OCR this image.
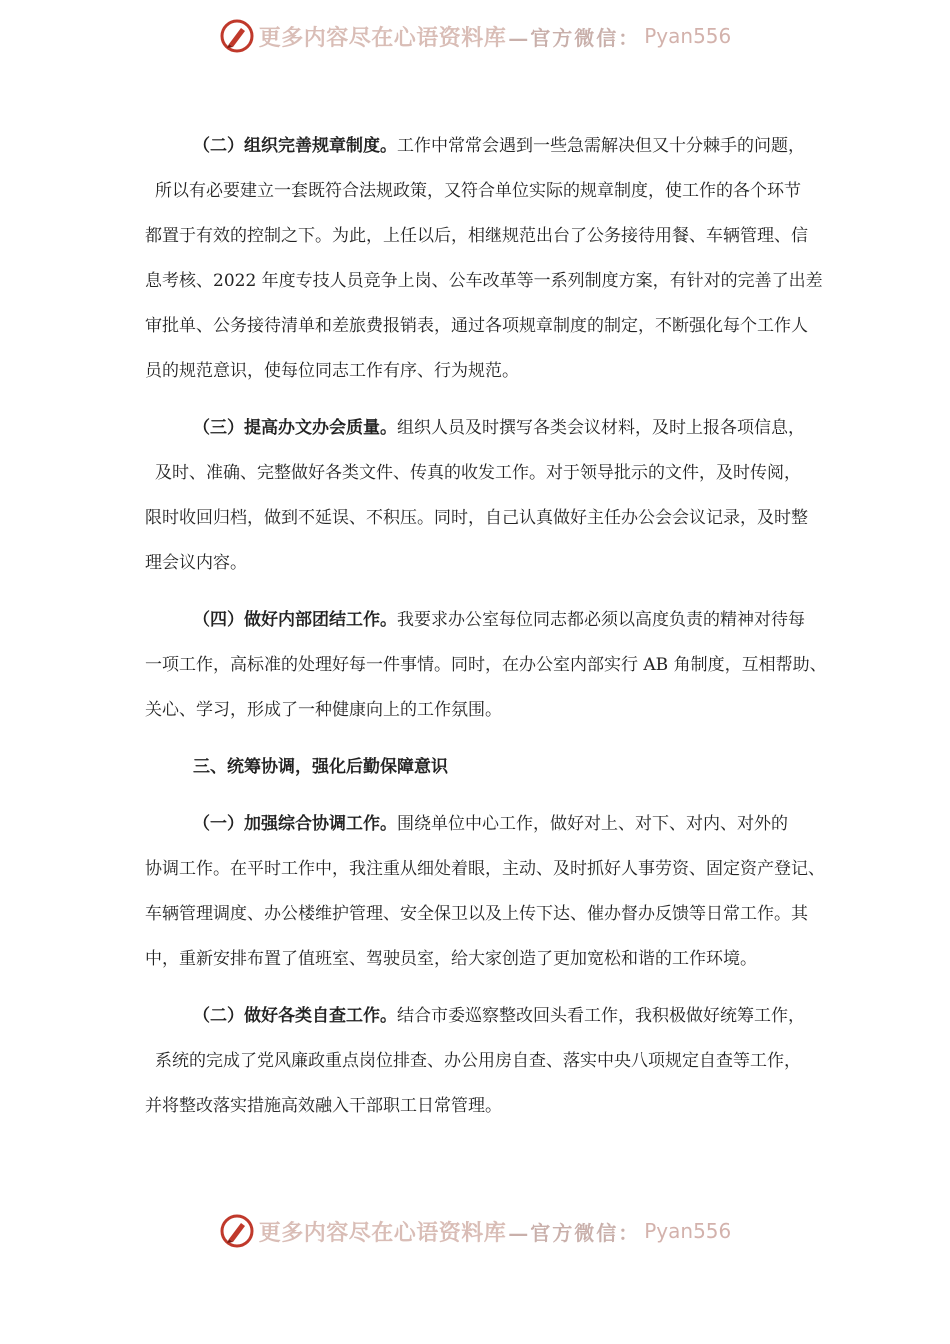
更多内容尽在心语资料库 —官方微信： Pyan556
（二）组织完善规章制度。工作中常常会遇到一些急需解决但又十分棘手的问题，
所以有必要建立一套既符合法规政策，又符合单位实际的规章制度，使工作的各个环节
都置于有效的控制之下。为此，上任以后，相继规范出台了公务接待用餐、车辆管理、信
息考核、2022 年度专技人员竞争上岗、公车改革等一系列制度方案，有针对的完善了出差
审批单、公务接待清单和差旅费报销表，通过各项规章制度的制定，不断强化每个工作人
员的规范意识，使每位同志工作有序、行为规范。
（三）提高办文办会质量。组织人员及时撰写各类会议材料，及时上报各项信息，
及时、准确、完整做好各类文件、传真的收发工作。对于领导批示的文件，及时传阅，
限时收回归档，做到不延误、不积压。同时，自己认真做好主任办公会会议记录，及时整
理会议内容。
（四）做好内部团结工作。我要求办公室每位同志都必须以高度负责的精神对待每
一项工作，高标准的处理好每一件事情。同时，在办公室内部实行 AB 角制度，互相帮助、
关心、学习，形成了一种健康向上的工作氛围。
三、统筹协调，强化后勤保障意识
（一）加强综合协调工作。围绕单位中心工作，做好对上、对下、对内、对外的
协调工作。在平时工作中，我注重从细处着眼，主动、及时抓好人事劳资、固定资产登记、
车辆管理调度、办公楼维护管理、安全保卫以及上传下达、催办督办反馈等日常工作。其
中，重新安排布置了值班室、驾驶员室，给大家创造了更加宽松和谐的工作环境。
（二）做好各类自查工作。结合市委巡察整改回头看工作，我积极做好统筹工作，
系统的完成了党风廉政重点岗位排查、办公用房自查、落实中央八项规定自查等工作，
并将整改落实措施高效融入干部职工日常管理。
更多内容尽在心语资料库 —官方微信： Pyan556
